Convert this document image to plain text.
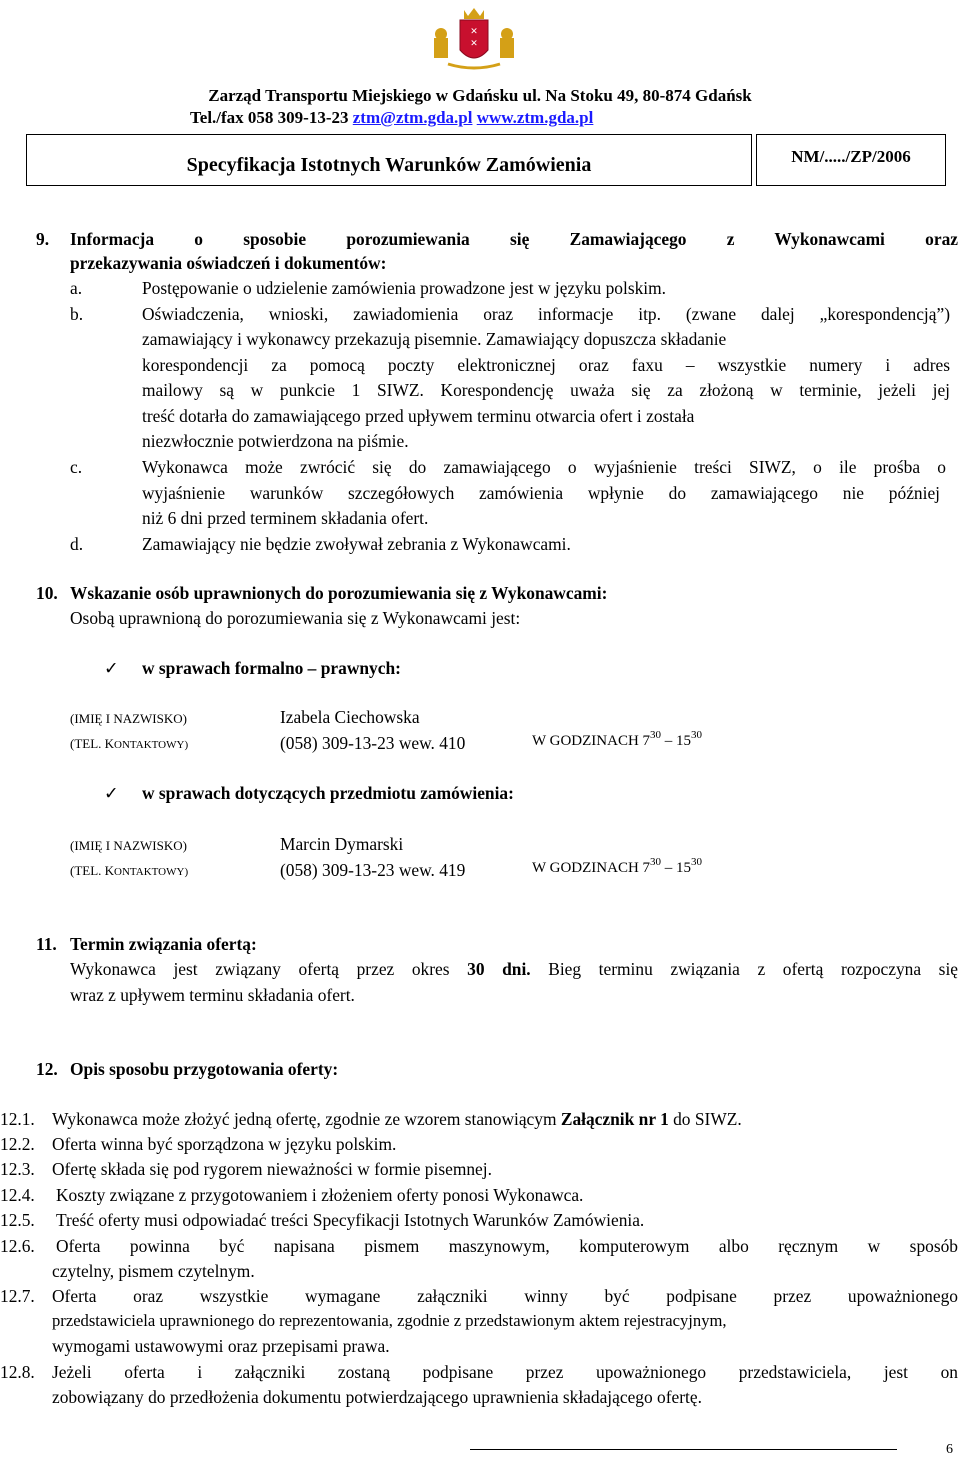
✕
✕
Zarząd Transportu Miejskiego w Gdańsku ul. Na Stoku 49, 80-874 Gdańsk
Tel./fax 058 309-13-23 ztm@ztm.gda.pl www.ztm.gda.pl
Specyfikacja Istotnych Warunków Zamówienia	NM/...../ZP/2006
9. Informacja o sposobie porozumiewania się Zamawiającego z Wykonawcami oraz
przekazywania oświadczeń i dokumentów:
a.	Postępowanie o udzielenie zamówienia prowadzone jest w języku polskim.
b.	Oświadczenia, wnioski, zawiadomienia oraz informacje itp. (zwane dalej „korespondencją”)
zamawiający i wykonawcy przekazują pisemnie. Zamawiający dopuszcza składanie
korespondencji za pomocą poczty elektronicznej oraz faxu – wszystkie numery i adres
mailowy są w punkcie 1 SIWZ. Korespondencję uważa się za złożoną w terminie, jeżeli jej
treść dotarła do zamawiającego przed upływem terminu otwarcia ofert i została
niezwłocznie potwierdzona na piśmie.
c.	Wykonawca może zwrócić się do zamawiającego o wyjaśnienie treści SIWZ, o ile prośba o
wyjaśnienie warunków szczegółowych zamówienia wpłynie do zamawiającego nie później
niż 6 dni przed terminem składania ofert.
d.	Zamawiający nie będzie zwoływał zebrania z Wykonawcami.
10. Wskazanie osób uprawnionych do porozumiewania się z Wykonawcami:
Osobą uprawnioną do porozumiewania się z Wykonawcami jest:
✓ w sprawach formalno – prawnych:
(IMIĘ I NAZWISKO)	Izabela Ciechowska
(TEL. KONTAKTOWY)	(058) 309-13-23 wew. 410	W GODZINACH $7^{30} - 15^{30}$
✓ w sprawach dotyczących przedmiotu zamówienia:
(IMIĘ I NAZWISKO)	Marcin Dymarski
(TEL. KONTAKTOWY)	(058) 309-13-23 wew. 419	W GODZINACH $7^{30} - 15^{30}$
11. Termin związania ofertą:
Wykonawca jest związany ofertą przez okres 30 dni. Bieg terminu związania z ofertą rozpoczyna się
wraz z upływem terminu składania ofert.
12. Opis sposobu przygotowania oferty:
12.1. Wykonawca może złożyć jedną ofertę, zgodnie ze wzorem stanowiącym Załącznik nr 1 do SIWZ.
12.2. Oferta winna być sporządzona w języku polskim.
12.3. Ofertę składa się pod rygorem nieważności w formie pisemnej.
12.4. Koszty związane z przygotowaniem i złożeniem oferty ponosi Wykonawca.
12.5. Treść oferty musi odpowiadać treści Specyfikacji Istotnych Warunków Zamówienia.
12.6. Oferta powinna być napisana pismem maszynowym, komputerowym albo ręcznym w sposób
czytelny, pismem czytelnym.
12.7. Oferta oraz wszystkie wymagane załączniki winny być podpisane przez upoważnionego
przedstawiciela uprawnionego do reprezentowania, zgodnie z przedstawionym aktem rejestracyjnym,
wymogami ustawowymi oraz przepisami prawa.
12.8. Jeżeli oferta i załączniki zostaną podpisane przez upoważnionego przedstawiciela, jest on
zobowiązany do przedłożenia dokumentu potwierdzającego uprawnienia składającego ofertę.
6
